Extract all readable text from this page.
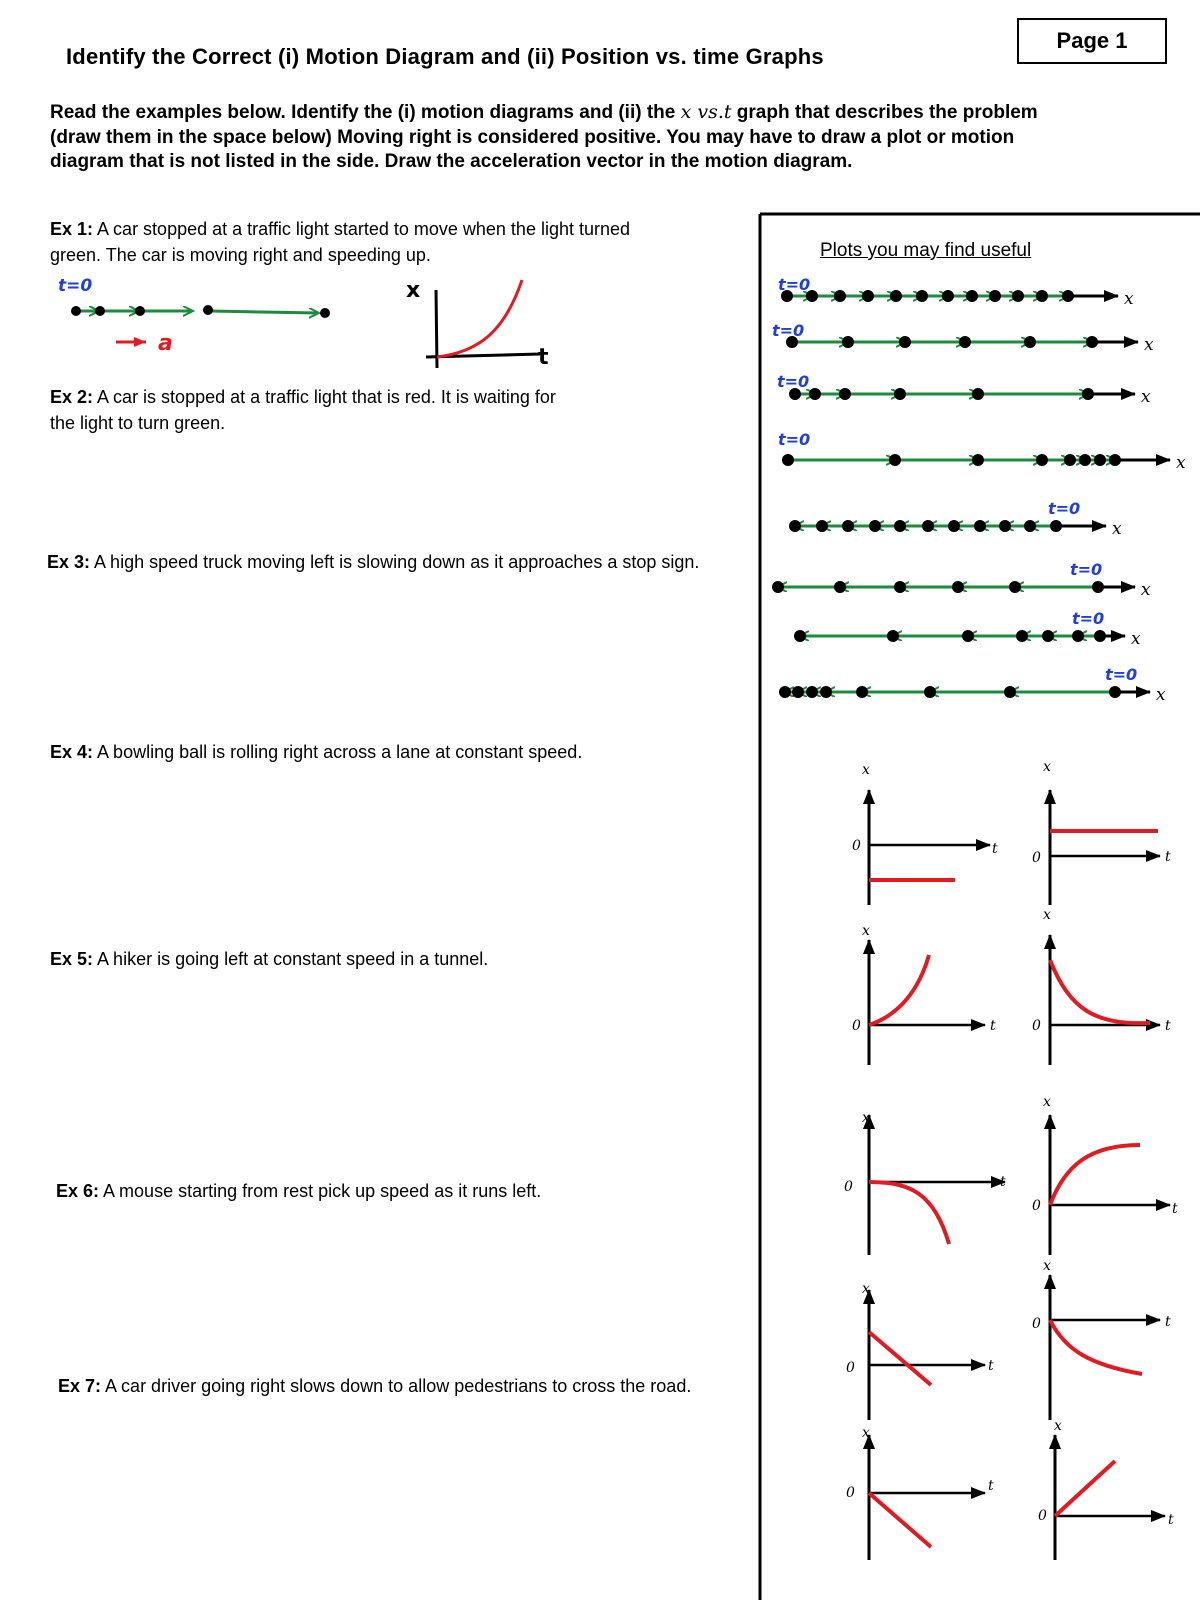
Page 1
Identify the Correct (i) Motion Diagram and (ii) Position vs. time Graphs
Read the examples below. Identify the (i) motion diagrams and (ii) the x vs.t graph that describes the problem (draw them in the space below) Moving right is considered positive. You may have to draw a plot or motion diagram that is not listed in the side. Draw the acceleration vector in the motion diagram.
Ex 1: A car stopped at a traffic light started to move when the light turned green. The car is moving right and speeding up.
Ex 2: A car is stopped at a traffic light that is red. It is waiting for the light to turn green.
Ex 3: A high speed truck moving left is slowing down as it approaches a stop sign.
Ex 4: A bowling ball is rolling right across a lane at constant speed.
Ex 5: A hiker is going left at constant speed in a tunnel.
Ex 6: A mouse starting from rest pick up speed as it runs left.
Ex 7: A car driver going right slows down to allow pedestrians to cross the road.
Plots you may find useful
t=0
a
x
t
x
t=0
x
t=0
x
t=0
x
t=0
x
t=0
x
t=0
x
t=0
x
t=0
x
t
0
x
t
0
x
t
0
x
t
0
x
t
0
x
t
0
x
t
0
x
t
0
x
t
0
x
t
0
